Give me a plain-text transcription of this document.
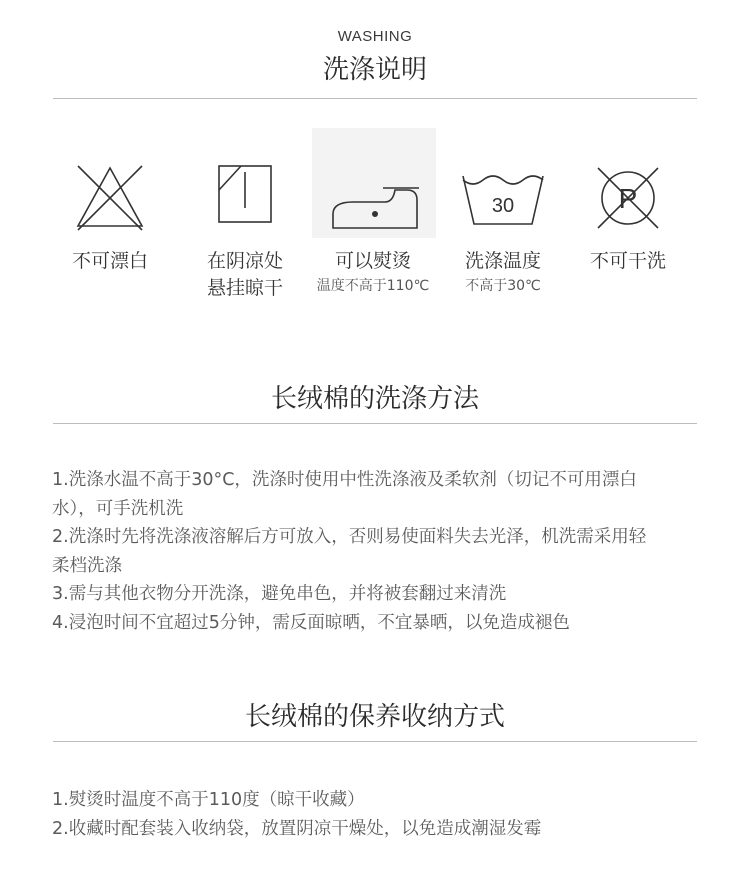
WASHING
洗涤说明
不可漂白	在阴凉处
悬挂晾干
可以熨烫
温度不高于110℃
30
洗涤温度
不高于30℃
P
不可干洗
长绒棉的洗涤方法
1.洗涤水温不高于30°C，洗涤时使用中性洗涤液及柔软剂（切记不可用漂白
水），可手洗机洗
2.洗涤时先将洗涤液溶解后方可放入，否则易使面料失去光泽，机洗需采用轻
柔档洗涤
3.需与其他衣物分开洗涤，避免串色，并将被套翻过来清洗
4.浸泡时间不宜超过5分钟，需反面晾晒，不宜暴晒，以免造成褪色
长绒棉的保养收纳方式
1.熨烫时温度不高于110度（晾干收藏）
2.收藏时配套装入收纳袋，放置阴凉干燥处，以免造成潮湿发霉
